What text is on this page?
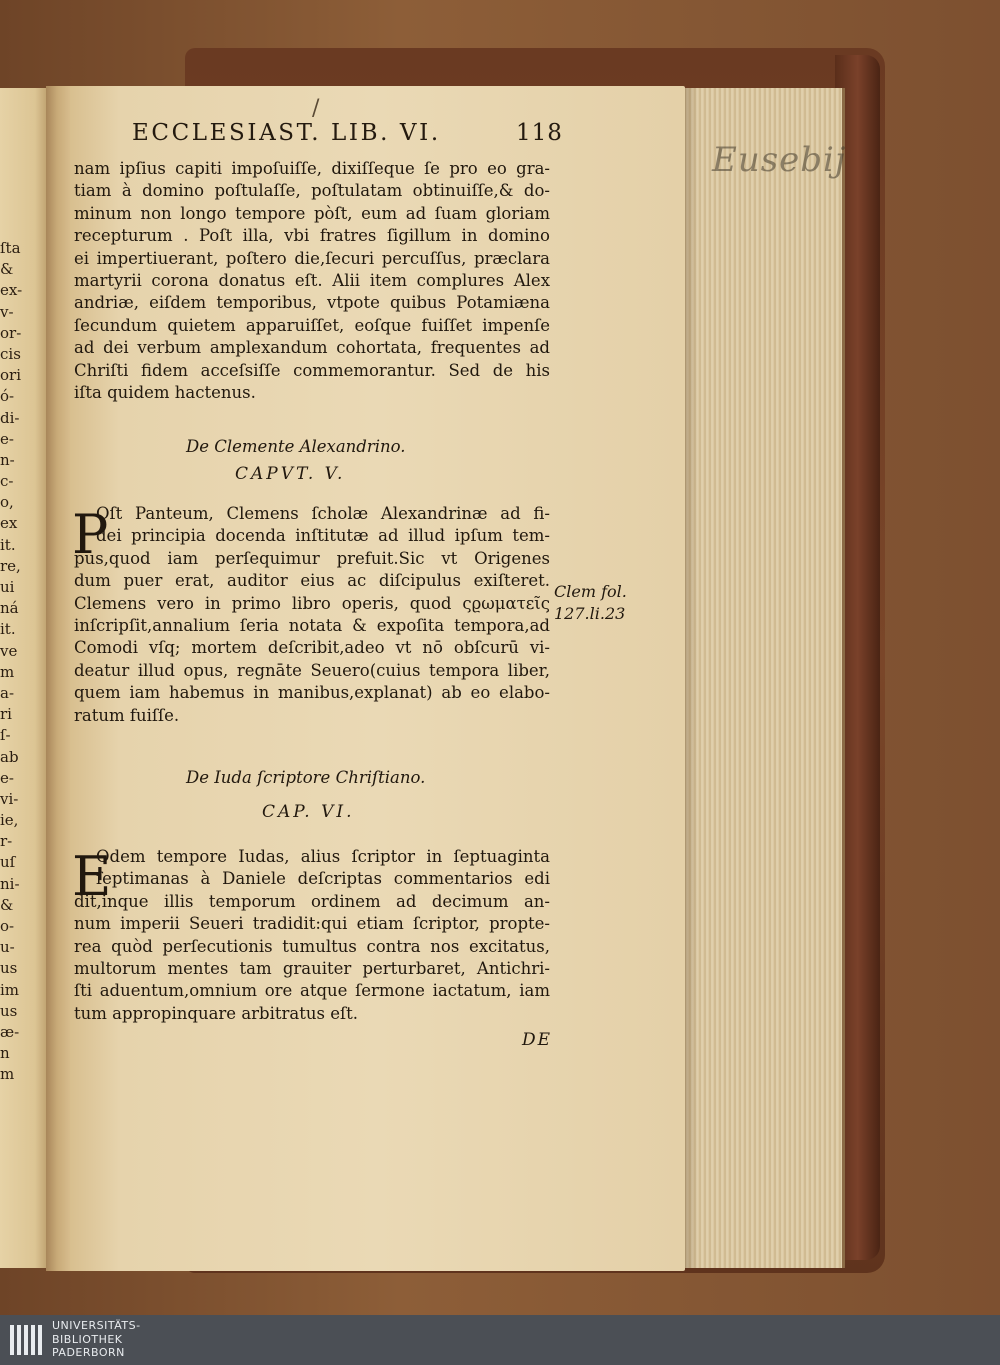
ſta
&
ex-
v-
or-
cis
ori
ó-
di-
e-
n-
c-
o,
ex
it.
re,
ui
ná
it.
ve
m
a-
ri
ſ-
ab
e-
vi-
ie,
r-
uſ
ni-
&
o-
u-
us
im
us
æ-
n
m
Eusebij
/
ECCLESIAST. LIB. VI.	118
nam ipſius capiti impoſuiſſe, dixiſſeque ſe pro eo gra-
tiam à domino poſtulaſſe, poſtulatam obtinuiſſe,& do-
minum non longo tempore pòſt, eum ad ſuam gloriam
recepturum . Poſt illa, vbi fratres ſigillum in domino
ei impertiuerant, poſtero die,ſecuri percuſſus, præclara
martyrii corona donatus eſt. Alii item complures Alex
andriæ, eiſdem temporibus, vtpote quibus Potamiæna
ſecundum quietem apparuiſſet, eoſque fuiſſet impenſe
ad dei verbum amplexandum cohortata, frequentes ad
Chriſti fidem acceſsiſſe commemorantur. Sed de his
iſta quidem hactenus.
De Clemente Alexandrino.
CAPVT. V.
P
Oſt Panteum, Clemens ſcholæ Alexandrinæ ad fi-
dei principia docenda inſtitutæ ad illud ipſum tem-
pus,quod iam perſequimur prefuit.Sic vt Origenes
dum puer erat, auditor eius ac diſcipulus exiſteret.
Clemens vero in primo libro operis, quod ςϱωματεῖς
inſcripſit,annalium ſeria notata & expoſita tempora,ad
Comodi vſq; mortem deſcribit,adeo vt nō obſcurū vi-
deatur illud opus, regnāte Seuero(cuius tempora liber,
quem iam habemus in manibus,explanat) ab eo elabo-
ratum fuiſſe.
Clem fol.
127.li.23
De Iuda ſcriptore Chriſtiano.
CAP. VI.
E
Odem tempore Iudas, alius ſcriptor in ſeptuaginta
ſeptimanas à Daniele deſcriptas commentarios edi
dit,inque illis temporum ordinem ad decimum an-
num imperii Seueri tradidit:qui etiam ſcriptor, propte-
rea quòd perſecutionis tumultus contra nos excitatus,
multorum mentes tam grauiter perturbaret, Antichri-
ſti aduentum,omnium ore atque ſermone iactatum, iam
tum appropinquare arbitratus eſt.
DE
UNIVERSITÄTS-
BIBLIOTHEK
PADERBORN
